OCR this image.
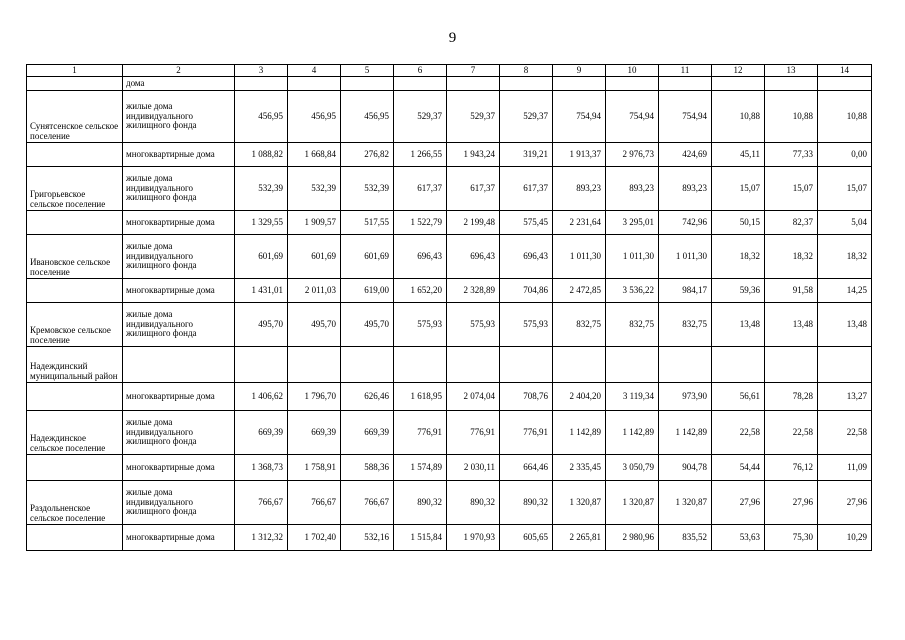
9
1	2	3	4	5	6	7	8	9	10	11	12	13	14
	дома												
Сунятсенское сельское поселение	жилые дома индивидуального жилищного фонда	456,95	456,95	456,95	529,37	529,37	529,37	754,94	754,94	754,94	10,88	10,88	10,88
	многоквартирные дома	1 088,82	1 668,84	276,82	1 266,55	1 943,24	319,21	1 913,37	2 976,73	424,69	45,11	77,33	0,00
Григорьевское сельское поселение	жилые дома индивидуального жилищного фонда	532,39	532,39	532,39	617,37	617,37	617,37	893,23	893,23	893,23	15,07	15,07	15,07
	многоквартирные дома	1 329,55	1 909,57	517,55	1 522,79	2 199,48	575,45	2 231,64	3 295,01	742,96	50,15	82,37	5,04
Ивановское сельское поселение	жилые дома индивидуального жилищного фонда	601,69	601,69	601,69	696,43	696,43	696,43	1 011,30	1 011,30	1 011,30	18,32	18,32	18,32
	многоквартирные дома	1 431,01	2 011,03	619,00	1 652,20	2 328,89	704,86	2 472,85	3 536,22	984,17	59,36	91,58	14,25
Кремовское сельское поселение	жилые дома индивидуального жилищного фонда	495,70	495,70	495,70	575,93	575,93	575,93	832,75	832,75	832,75	13,48	13,48	13,48
Надеждинский муниципальный район													
	многоквартирные дома	1 406,62	1 796,70	626,46	1 618,95	2 074,04	708,76	2 404,20	3 119,34	973,90	56,61	78,28	13,27
Надеждинское сельское поселение	жилые дома индивидуального жилищного фонда	669,39	669,39	669,39	776,91	776,91	776,91	1 142,89	1 142,89	1 142,89	22,58	22,58	22,58
	многоквартирные дома	1 368,73	1 758,91	588,36	1 574,89	2 030,11	664,46	2 335,45	3 050,79	904,78	54,44	76,12	11,09
Раздольненское сельское поселение	жилые дома индивидуального жилищного фонда	766,67	766,67	766,67	890,32	890,32	890,32	1 320,87	1 320,87	1 320,87	27,96	27,96	27,96
	многоквартирные дома	1 312,32	1 702,40	532,16	1 515,84	1 970,93	605,65	2 265,81	2 980,96	835,52	53,63	75,30	10,29
